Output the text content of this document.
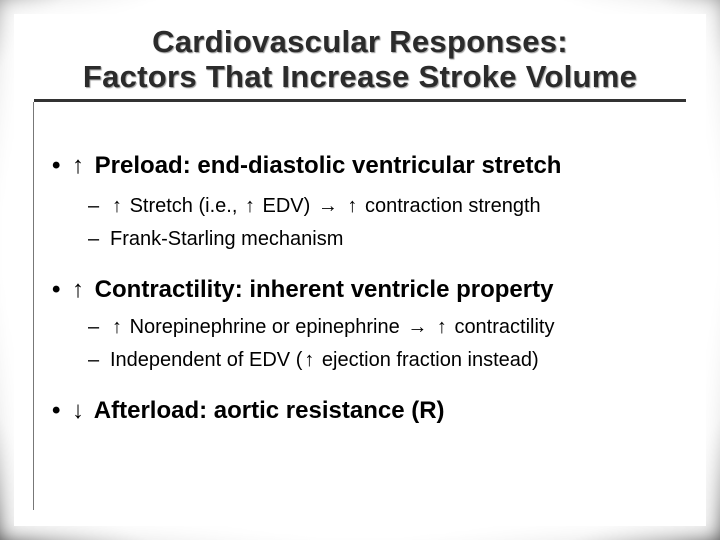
Cardiovascular Responses:
Factors That Increase Stroke Volume
• ↑ Preload: end-diastolic ventricular stretch
– ↑ Stretch (i.e., ↑ EDV) → ↑ contraction strength
– Frank-Starling mechanism
• ↑ Contractility: inherent ventricle property
– ↑ Norepinephrine or epinephrine → ↑ contractility
– Independent of EDV ( ↑ ejection fraction instead)
• ↓ Afterload: aortic resistance (R)
